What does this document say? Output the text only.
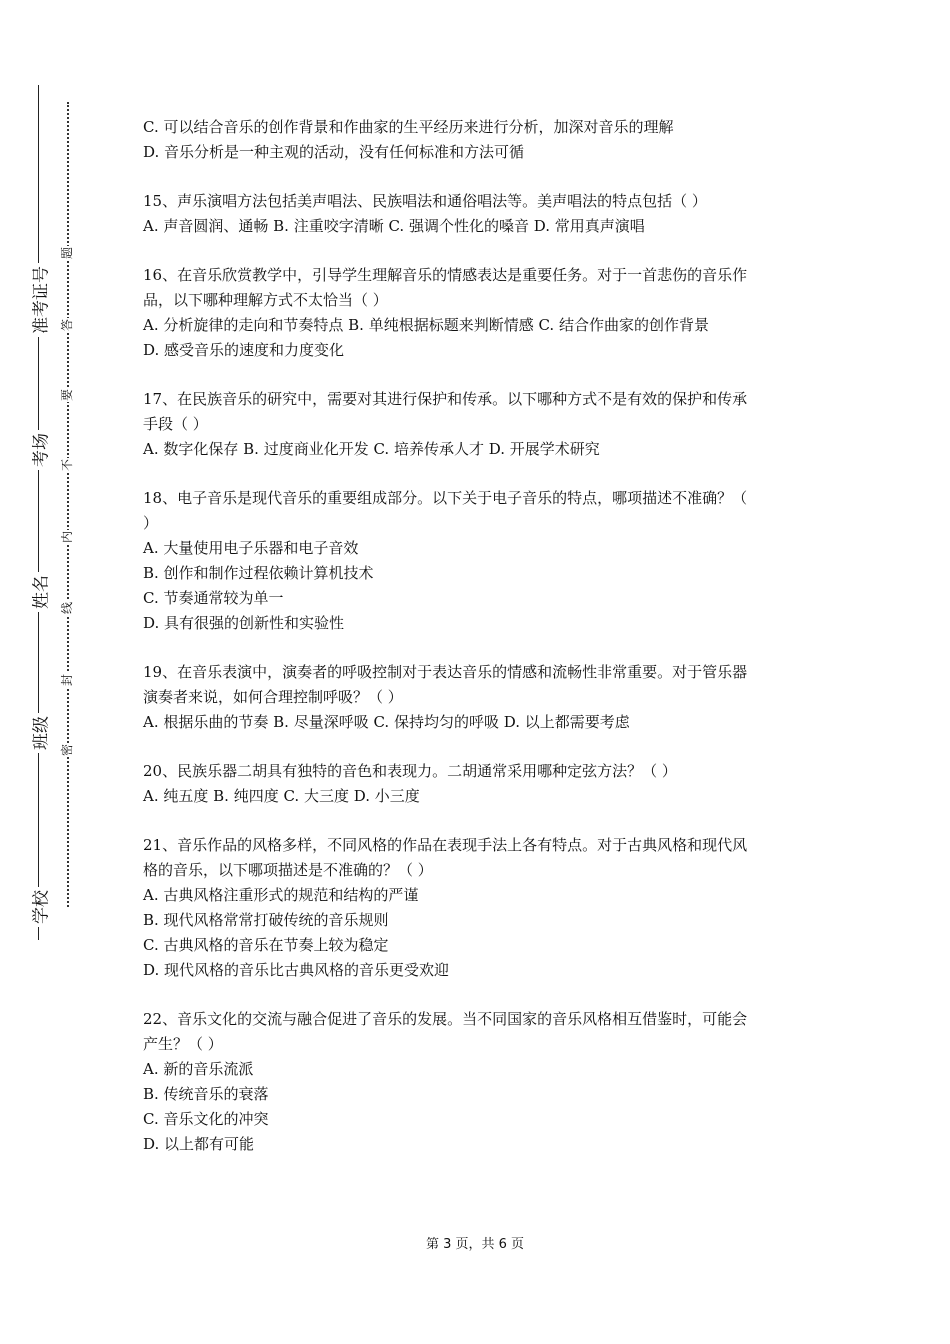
准考证号
考场
姓名
班级
学校
题
答
要
不
内
线
封
密
C. 可以结合音乐的创作背景和作曲家的生平经历来进行分析，加深对音乐的理解
D. 音乐分析是一种主观的活动，没有任何标准和方法可循
15、声乐演唱方法包括美声唱法、民族唱法和通俗唱法等。美声唱法的特点包括（ ）
A. 声音圆润、通畅 B. 注重咬字清晰 C. 强调个性化的嗓音 D. 常用真声演唱
16、在音乐欣赏教学中，引导学生理解音乐的情感表达是重要任务。对于一首悲伤的音乐作
品，以下哪种理解方式不太恰当（ ）
A. 分析旋律的走向和节奏特点 B. 单纯根据标题来判断情感 C. 结合作曲家的创作背景
D. 感受音乐的速度和力度变化
17、在民族音乐的研究中，需要对其进行保护和传承。以下哪种方式不是有效的保护和传承
手段（ ）
A. 数字化保存 B. 过度商业化开发 C. 培养传承人才 D. 开展学术研究
18、电子音乐是现代音乐的重要组成部分。以下关于电子音乐的特点，哪项描述不准确？（
）
A. 大量使用电子乐器和电子音效
B. 创作和制作过程依赖计算机技术
C. 节奏通常较为单一
D. 具有很强的创新性和实验性
19、在音乐表演中，演奏者的呼吸控制对于表达音乐的情感和流畅性非常重要。对于管乐器
演奏者来说，如何合理控制呼吸？（ ）
A. 根据乐曲的节奏 B. 尽量深呼吸 C. 保持均匀的呼吸 D. 以上都需要考虑
20、民族乐器二胡具有独特的音色和表现力。二胡通常采用哪种定弦方法？（ ）
A. 纯五度 B. 纯四度 C. 大三度 D. 小三度
21、音乐作品的风格多样，不同风格的作品在表现手法上各有特点。对于古典风格和现代风
格的音乐，以下哪项描述是不准确的？（ ）
A. 古典风格注重形式的规范和结构的严谨
B. 现代风格常常打破传统的音乐规则
C. 古典风格的音乐在节奏上较为稳定
D. 现代风格的音乐比古典风格的音乐更受欢迎
22、音乐文化的交流与融合促进了音乐的发展。当不同国家的音乐风格相互借鉴时，可能会
产生？（ ）
A. 新的音乐流派
B. 传统音乐的衰落
C. 音乐文化的冲突
D. 以上都有可能
第 3 页，共 6 页
